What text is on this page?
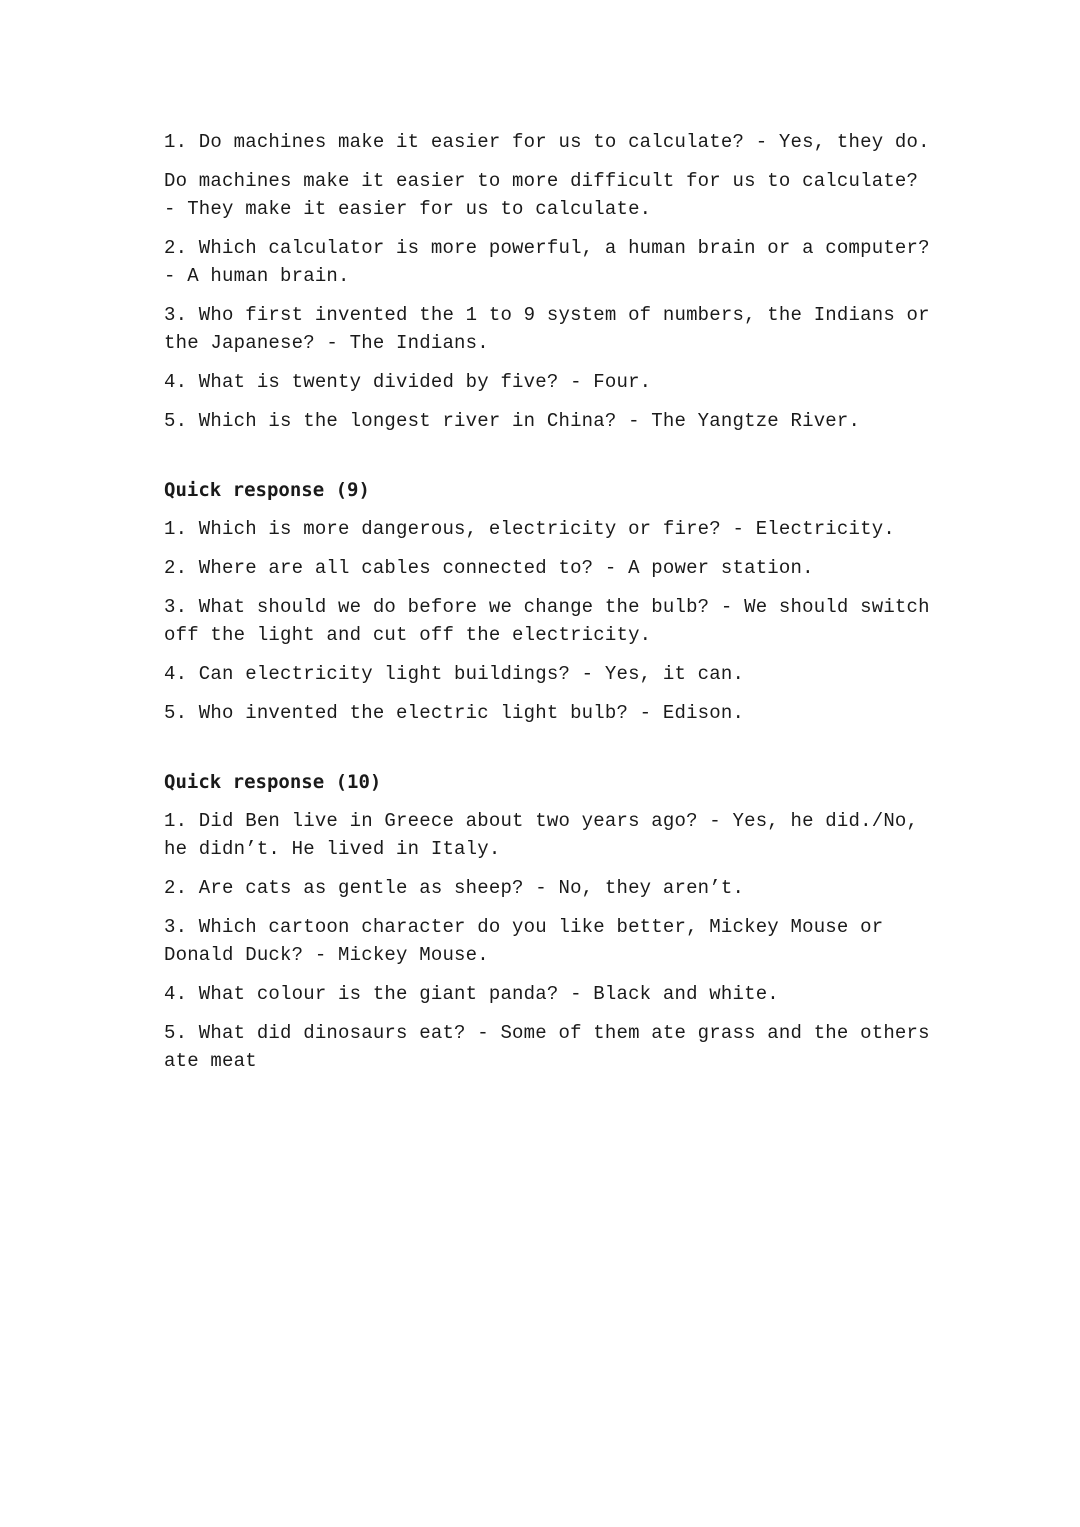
1. Do machines make it easier for us to calculate? - Yes, they do.

Do machines make it easier to more difficult for us to calculate? - They make it easier for us to calculate.

2. Which calculator is more powerful, a human brain or a computer? - A human brain.

3. Who first invented the 1 to 9 system of numbers, the Indians or the Japanese? - The Indians.

4. What is twenty divided by five? - Four.

5. Which is the longest river in China? - The Yangtze River.

Quick response (9)

1. Which is more dangerous, electricity or fire? - Electricity.

2. Where are all cables connected to? - A power station.

3. What should we do before we change the bulb? - We should switch off the light and cut off the electricity.

4. Can electricity light buildings? - Yes, it can.

5. Who invented the electric light bulb? - Edison.

Quick response (10)

1. Did Ben live in Greece about two years ago? - Yes, he did./No, he didn’t. He lived in Italy.

2. Are cats as gentle as sheep? - No, they aren’t.

3. Which cartoon character do you like better, Mickey Mouse or Donald Duck? - Mickey Mouse.

4. What colour is the giant panda? - Black and white.

5. What did dinosaurs eat? - Some of them ate grass and the others ate meat
